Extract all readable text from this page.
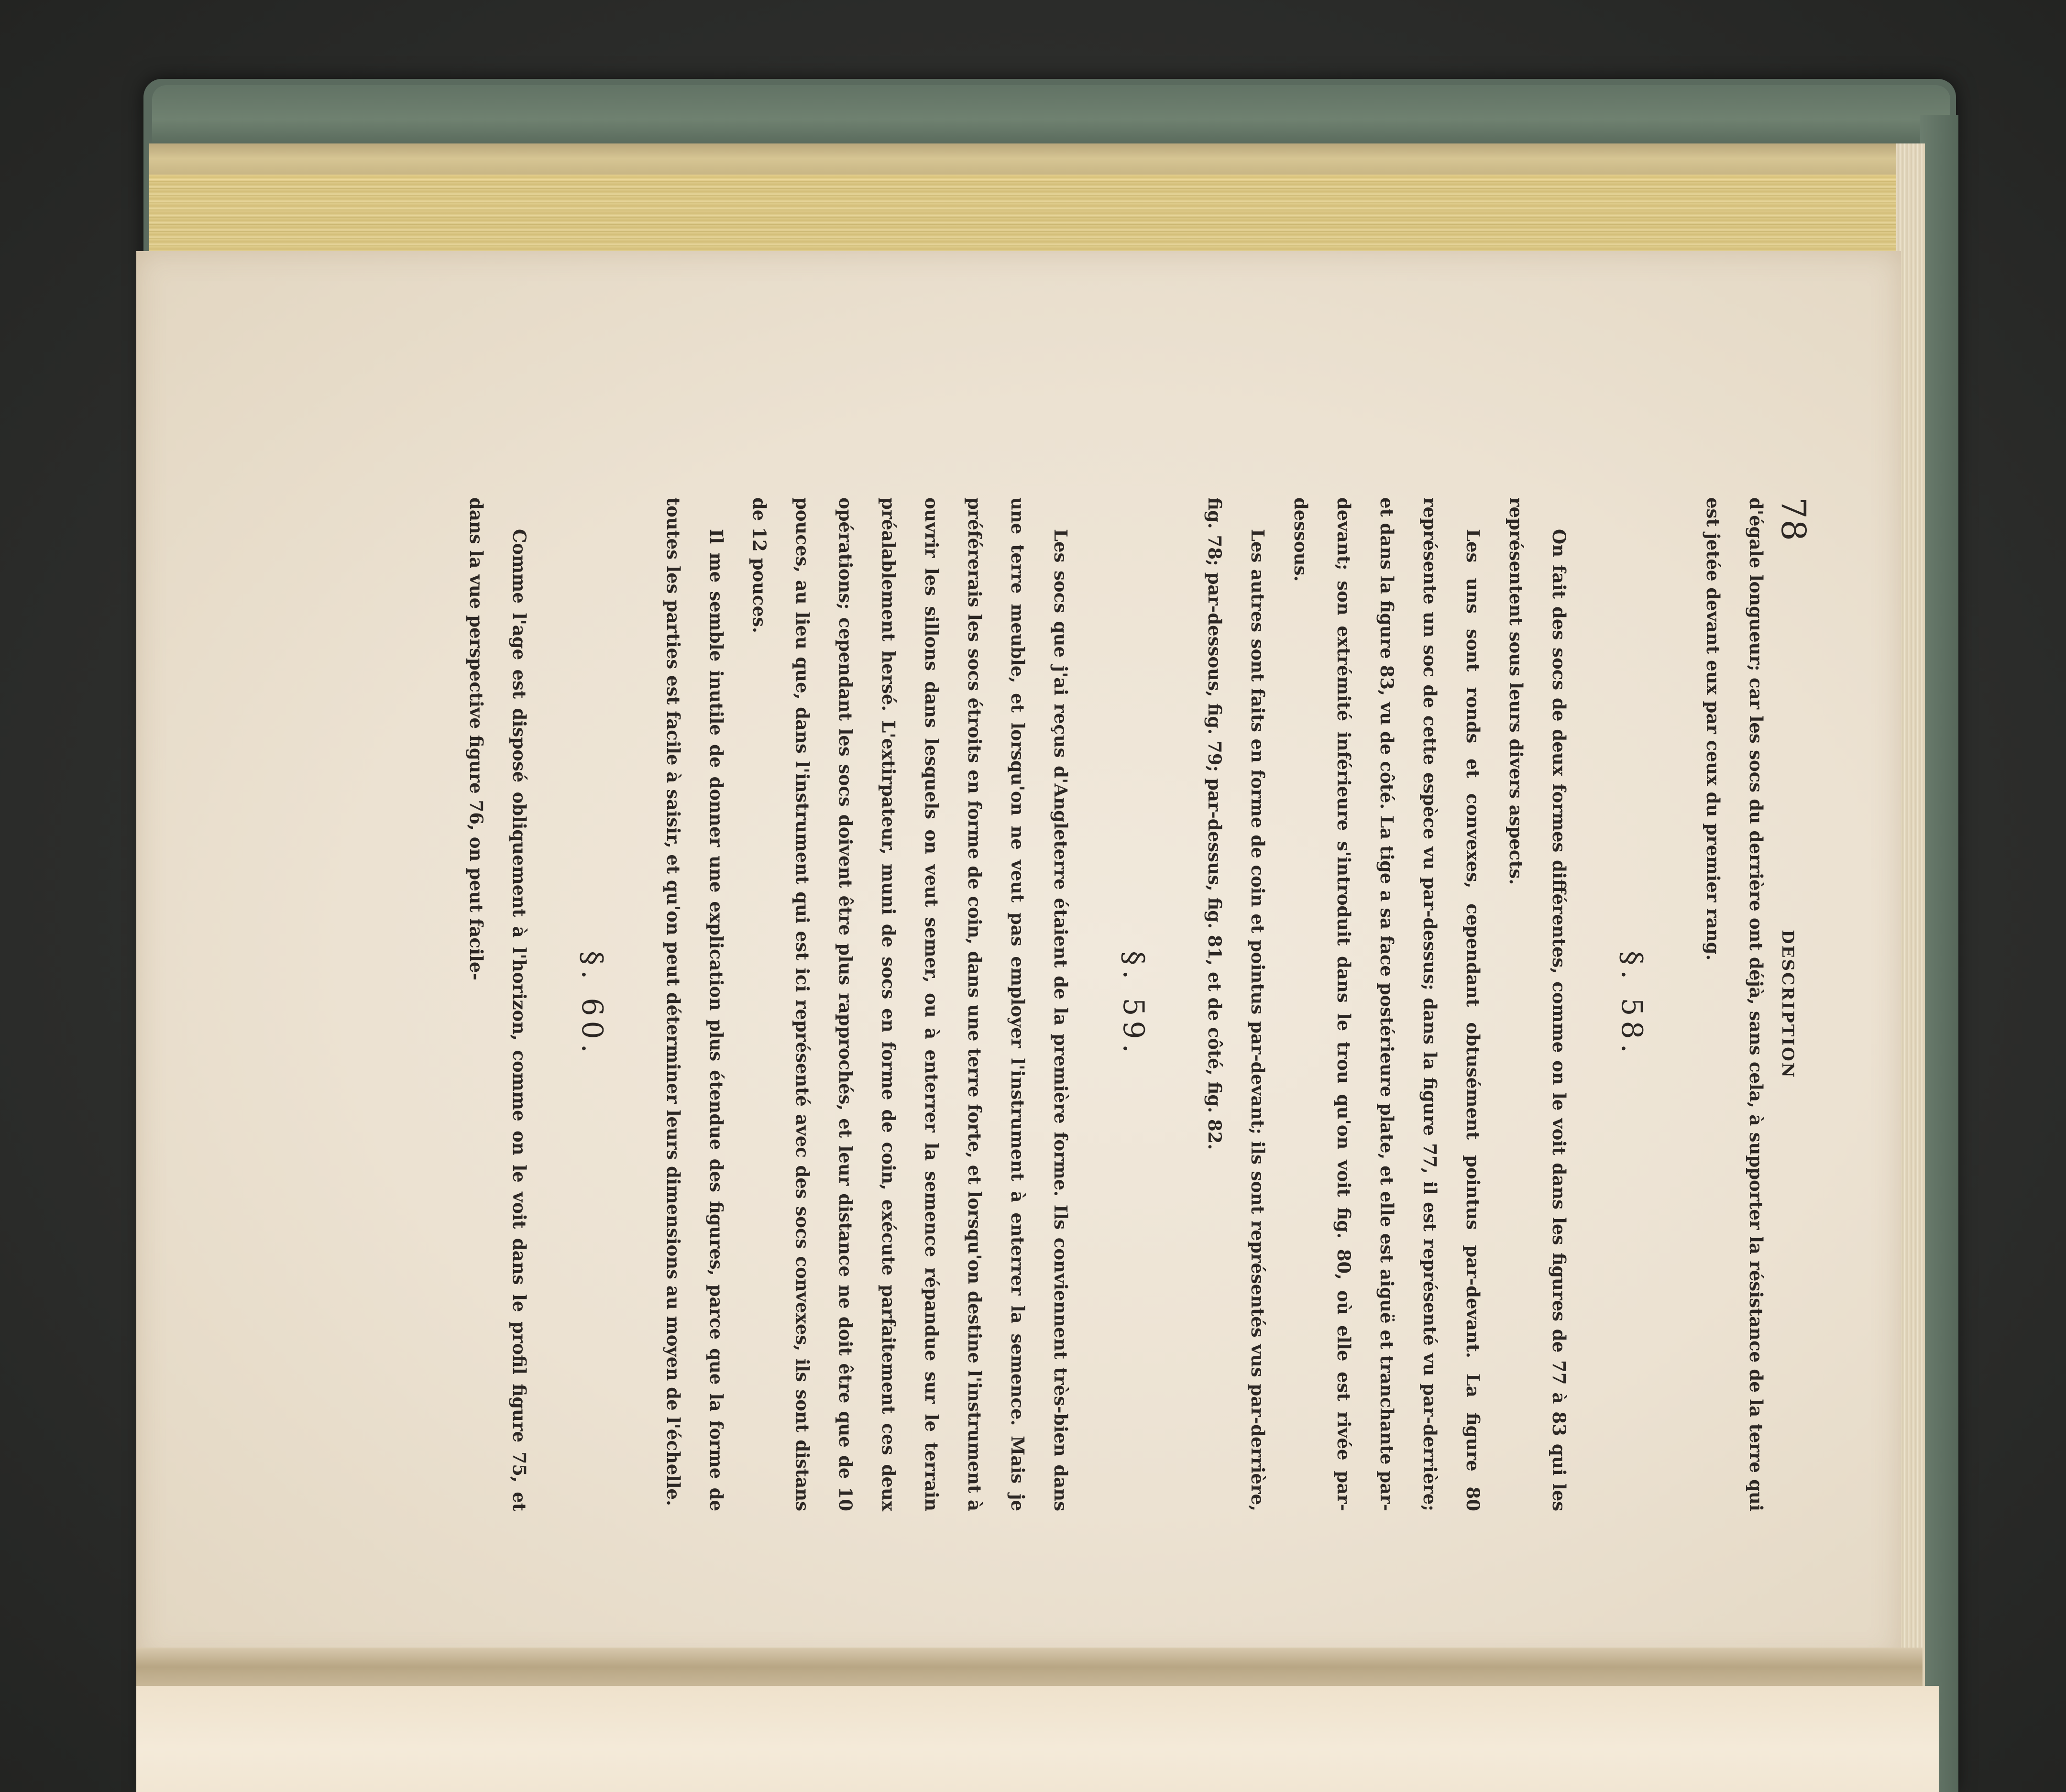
78
DESCRIPTION

d'égale longueur; car les socs du derrière ont déjà, sans cela, à supporter la résistance de la terre qui est jetée devant eux par ceux du premier rang.

§. 58.

On fait des socs de deux formes différentes, comme on le voit dans les figures de 77 à 83 qui les représentent sous leurs divers aspects.

Les uns sont ronds et convexes, cependant obtusément pointus par-devant. La figure 80 représente un soc de cette espèce vu par-dessus; dans la figure 77, il est représenté vu par-derrière; et dans la figure 83, vu de côté. La tige a sa face postérieure plate, et elle est aiguë et tranchante par-devant; son extrémité inférieure s'introduit dans le trou qu'on voit fig. 80, où elle est rivée par-dessous.

Les autres sont faits en forme de coin et pointus par-devant; ils sont représentés vus par-derrière, fig. 78; par-dessous, fig. 79; par-dessus, fig. 81, et de côté, fig. 82.

§. 59.

Les socs que j'ai reçus d'Angleterre étaient de la première forme. Ils conviennent très-bien dans une terre meuble, et lorsqu'on ne veut pas employer l'instrument à enterrer la semence. Mais je préférerais les socs étroits en forme de coin, dans une terre forte, et lorsqu'on destine l'instrument à ouvrir les sillons dans lesquels on veut semer, ou à enterrer la semence répandue sur le terrain préalablement hersé. L'extirpateur, muni de socs en forme de coin, exécute parfaitement ces deux opérations; cependant les socs doivent être plus rapprochés, et leur distance ne doit être que de 10 pouces, au lieu que, dans l'instrument qui est ici représenté avec des socs convexes, ils sont distans de 12 pouces.

Il me semble inutile de donner une explication plus étendue des figures, parce que la forme de toutes les parties est facile à saisir, et qu'on peut déterminer leurs dimensions au moyen de l'échelle.

§. 60.

Comme l'age est disposé obliquement à l'horizon, comme on le voit dans le profil figure 75, et dans la vue perspective figure 76, on peut facile-
